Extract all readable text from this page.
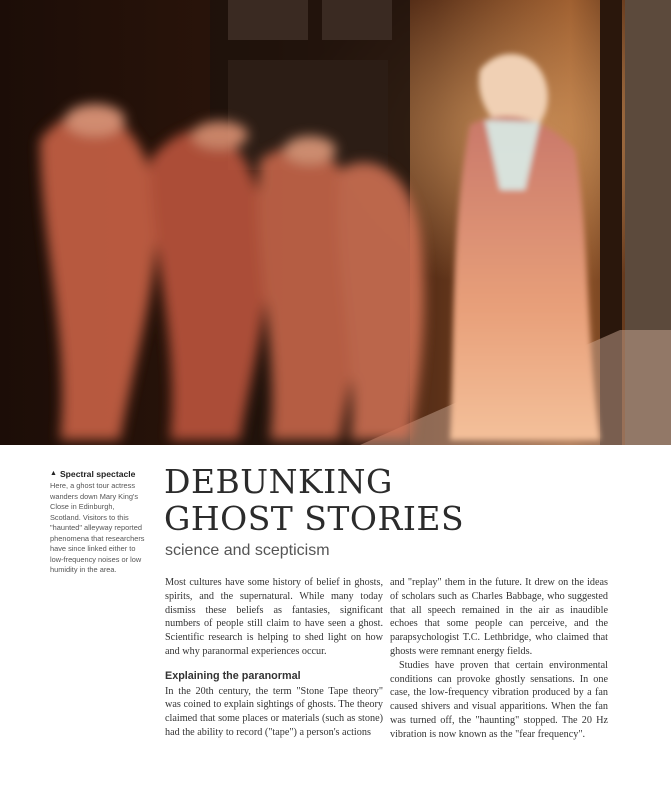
▲ Spectral spectacle
Here, a ghost tour actress wanders down Mary King's Close in Edinburgh, Scotland. Visitors to this "haunted" alleyway reported phenomena that researchers have since linked either to low-frequency noises or low humidity in the area.
DEBUNKING
GHOST STORIES
science and scepticism

Most cultures have some history of belief in ghosts, spirits, and the supernatural. While many today dismiss these beliefs as fantasies, significant numbers of people still claim to have seen a ghost. Scientific research is helping to shed light on how and why paranormal experiences occur.

Explaining the paranormal

In the 20th century, the term "Stone Tape theory" was coined to explain sightings of ghosts. The theory claimed that some places or materials (such as stone) had the ability to record ("tape") a person's actions

and "replay" them in the future. It drew on the ideas of scholars such as Charles Babbage, who suggested that all speech remained in the air as inaudible echoes that some people can perceive, and the parapsychologist T.C. Lethbridge, who claimed that ghosts were remnant energy fields.

Studies have proven that certain environmental conditions can provoke ghostly sensations. In one case, the low-frequency vibration produced by a fan caused shivers and visual apparitions. When the fan was turned off, the "haunting" stopped. The 20 Hz vibration is now known as the "fear frequency".
